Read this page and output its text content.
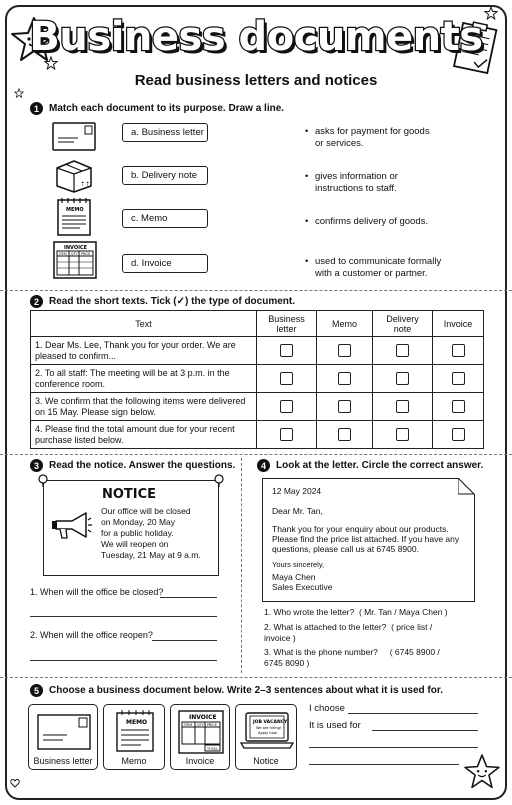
Business documents
Read business letters and notices
1	Match each document to its purpose. Draw a line.
⇡⇡
MEMO
INVOICE
ITEM QTY PRICE
a.
Business letter
b.
Delivery note
c.
Memo
d.
Invoice
• asks for payment for goods
or services.
• gives information or
instructions to staff.
• confirms delivery of goods.
• used to communicate formally
with a customer or partner.
2	Read the short texts. Tick (✓) the type of document.
Text	Business letter	Memo	Delivery note	Invoice
1. Dear Ms. Lee, Thank you for your order. We are pleased to confirm...	

2. To all staff: The meeting will be at 3 p.m. in the conference room.	

3. We confirm that the following items were delivered on 15 May. Please sign below.	

4. Please find the total amount due for your recent purchase listed below.	

3	Read the notice. Answer the questions.
NOTICE
Our office will be closed
on Monday, 20 May
for a public holiday.
We will reopen on
Tuesday, 21 May at 9 a.m.
1. When will the office be closed?
2. When will the office reopen?
4	Look at the letter. Circle the correct answer.
12 May 2024
Dear Mr. Tan,
Thank you for your enquiry about our products. Please find the price list attached. If you have any questions, please call us at 6745 8900.
Yours sincerely,
Maya Chen
Sales Executive
1. Who wrote the letter? ( Mr. Tan / Maya Chen )
2. What is attached to the letter? ( price list /
invoice )
3. What is the phone number? ( 6745 8900 /
6745 8090 )
5	Choose a business document below. Write 2–3 sentences about what it is used for.
Business letter
MEMO
Memo
INVOICE
ITEM QTY PRICE
TOTAL
Invoice
JOB VACANCY
We are hiring!
Apply now.
Notice
I choose
It is used for
